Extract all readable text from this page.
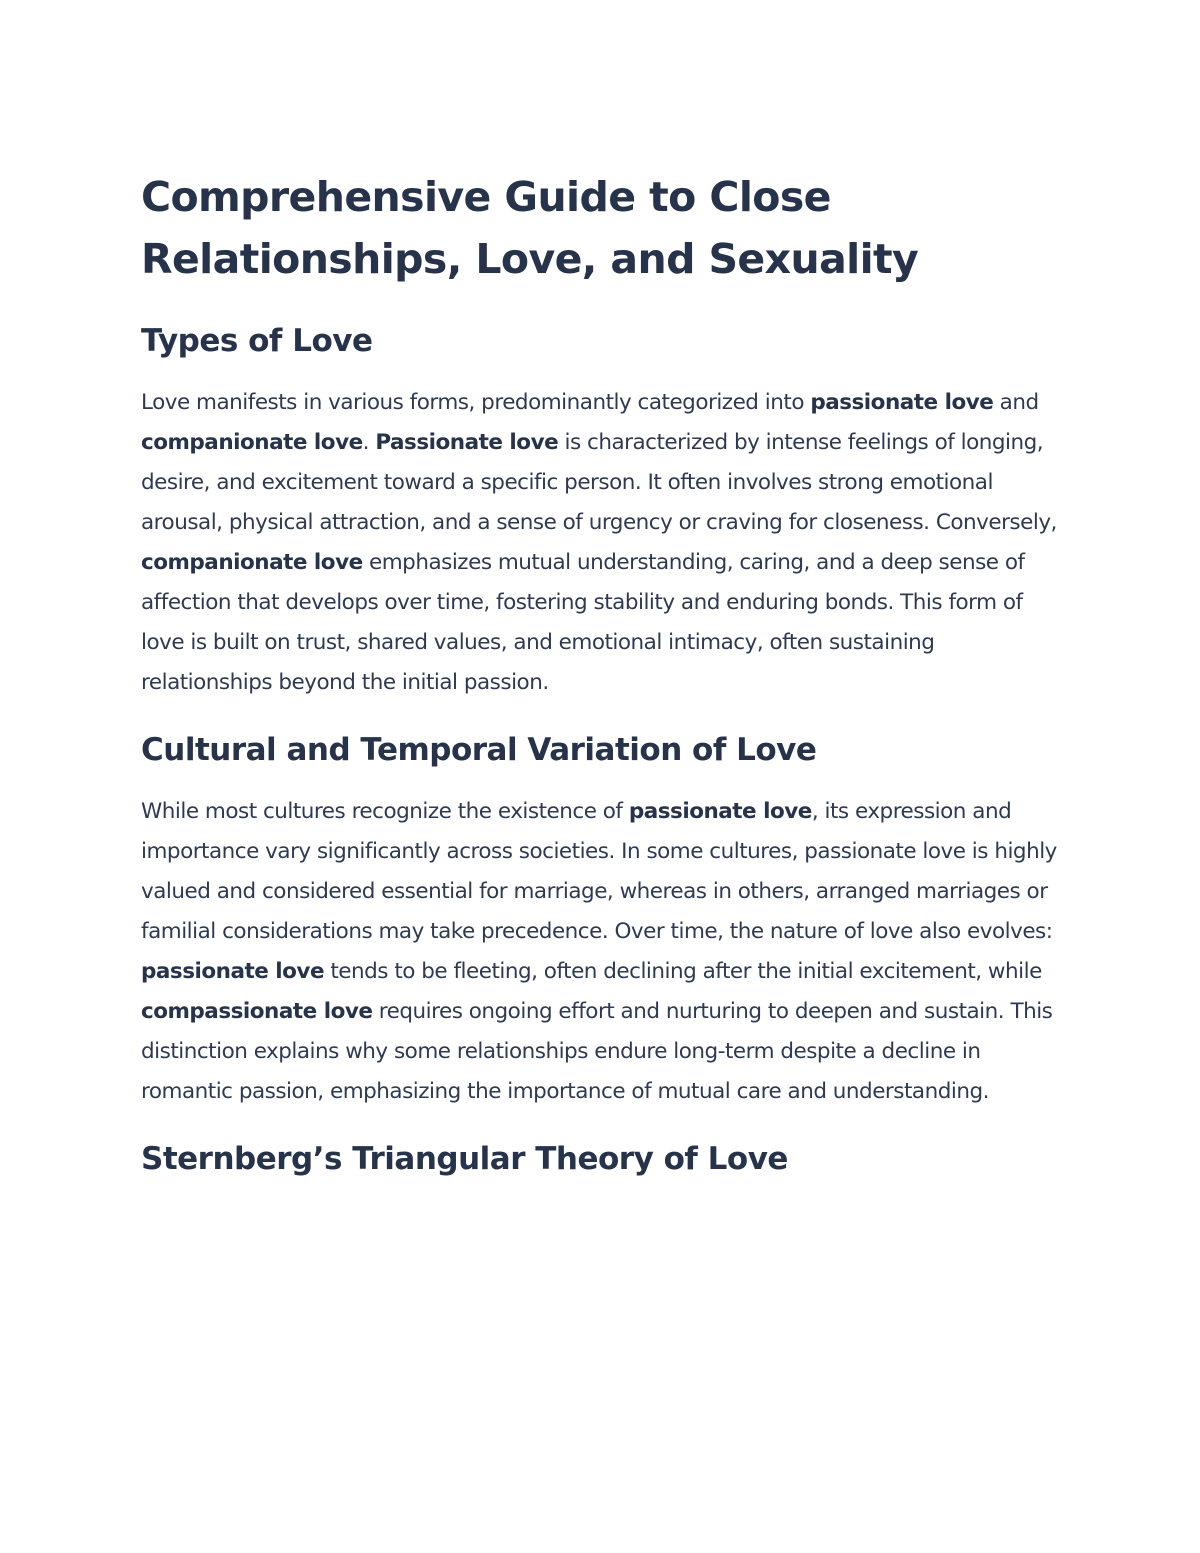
Comprehensive Guide to Close Relationships, Love, and Sexuality
Types of Love

Love manifests in various forms, predominantly categorized into passionate love and companionate love. Passionate love is characterized by intense feelings of longing, desire, and excitement toward a specific person. It often involves strong emotional arousal, physical attraction, and a sense of urgency or craving for closeness. Conversely, companionate love emphasizes mutual understanding, caring, and a deep sense of affection that develops over time, fostering stability and enduring bonds. This form of love is built on trust, shared values, and emotional intimacy, often sustaining relationships beyond the initial passion.

Cultural and Temporal Variation of Love

While most cultures recognize the existence of passionate love, its expression and importance vary significantly across societies. In some cultures, passionate love is highly valued and considered essential for marriage, whereas in others, arranged marriages or familial considerations may take precedence. Over time, the nature of love also evolves: passionate love tends to be fleeting, often declining after the initial excitement, while compassionate love requires ongoing effort and nurturing to deepen and sustain. This distinction explains why some relationships endure long-term despite a decline in romantic passion, emphasizing the importance of mutual care and understanding.

Sternberg’s Triangular Theory of Love
